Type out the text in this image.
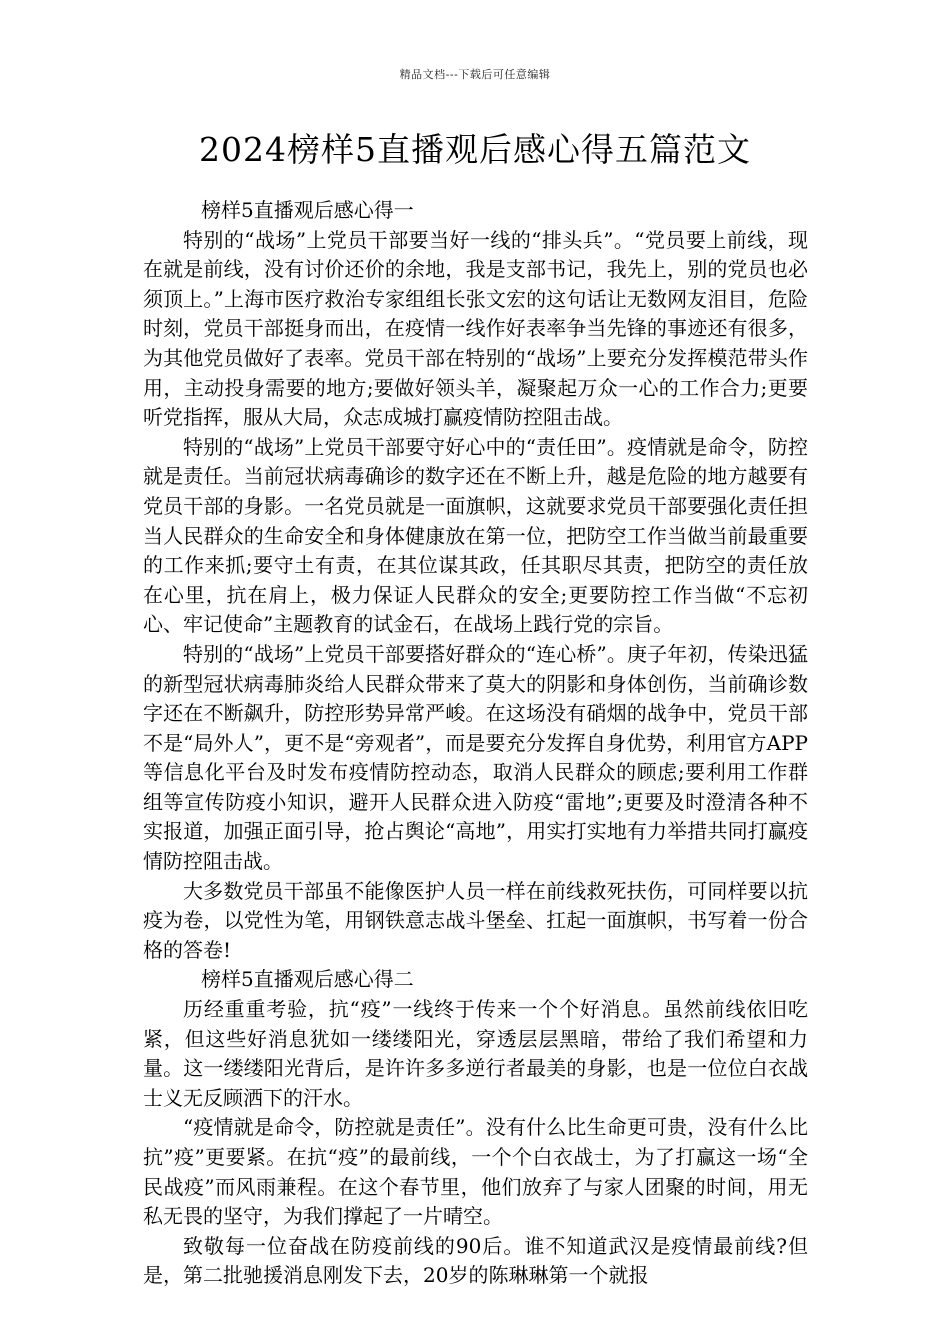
精品文档---下载后可任意编辑
2024榜样5直播观后感心得五篇范文

榜样5直播观后感心得一

特别的“战场”上党员干部要当好一线的“排头兵”。“党员要上前线，现在就是前线，没有讨价还价的余地，我是支部书记，我先上，别的党员也必须顶上。”上海市医疗救治专家组组长张文宏的这句话让无数网友泪目，危险时刻，党员干部挺身而出，在疫情一线作好表率争当先锋的事迹还有很多，为其他党员做好了表率。党员干部在特别的“战场”上要充分发挥模范带头作用，主动投身需要的地方;要做好领头羊，凝聚起万众一心的工作合力;更要听党指挥，服从大局，众志成城打赢疫情防控阻击战。

特别的“战场”上党员干部要守好心中的“责任田”。疫情就是命令，防控就是责任。当前冠状病毒确诊的数字还在不断上升，越是危险的地方越要有党员干部的身影。一名党员就是一面旗帜，这就要求党员干部要强化责任担当人民群众的生命安全和身体健康放在第一位，把防空工作当做当前最重要的工作来抓;要守土有责，在其位谋其政，任其职尽其责，把防空的责任放在心里，抗在肩上，极力保证人民群众的安全;更要防控工作当做“不忘初心、牢记使命”主题教育的试金石，在战场上践行党的宗旨。

特别的“战场”上党员干部要搭好群众的“连心桥”。庚子年初，传染迅猛的新型冠状病毒肺炎给人民群众带来了莫大的阴影和身体创伤，当前确诊数字还在不断飙升，防控形势异常严峻。在这场没有硝烟的战争中，党员干部不是“局外人”，更不是“旁观者”，而是要充分发挥自身优势，利用官方APP等信息化平台及时发布疫情防控动态，取消人民群众的顾虑;要利用工作群组等宣传防疫小知识，避开人民群众进入防疫“雷地”;更要及时澄清各种不实报道，加强正面引导，抢占舆论“高地”，用实打实地有力举措共同打赢疫情防控阻击战。

大多数党员干部虽不能像医护人员一样在前线救死扶伤，可同样要以抗疫为卷，以党性为笔，用钢铁意志战斗堡垒、扛起一面旗帜，书写着一份合格的答卷!

榜样5直播观后感心得二

历经重重考验，抗“疫”一线终于传来一个个好消息。虽然前线依旧吃紧，但这些好消息犹如一缕缕阳光，穿透层层黑暗，带给了我们希望和力量。这一缕缕阳光背后，是许许多多逆行者最美的身影，也是一位位白衣战士义无反顾洒下的汗水。

“疫情就是命令，防控就是责任”。没有什么比生命更可贵，没有什么比抗”疫”更要紧。在抗“疫”的最前线，一个个白衣战士，为了打赢这一场“全民战疫”而风雨兼程。在这个春节里，他们放弃了与家人团聚的时间，用无私无畏的坚守，为我们撑起了一片晴空。

致敬每一位奋战在防疫前线的90后。谁不知道武汉是疫情最前线?但是，第二批驰援消息刚发下去，20岁的陈琳琳第一个就报
